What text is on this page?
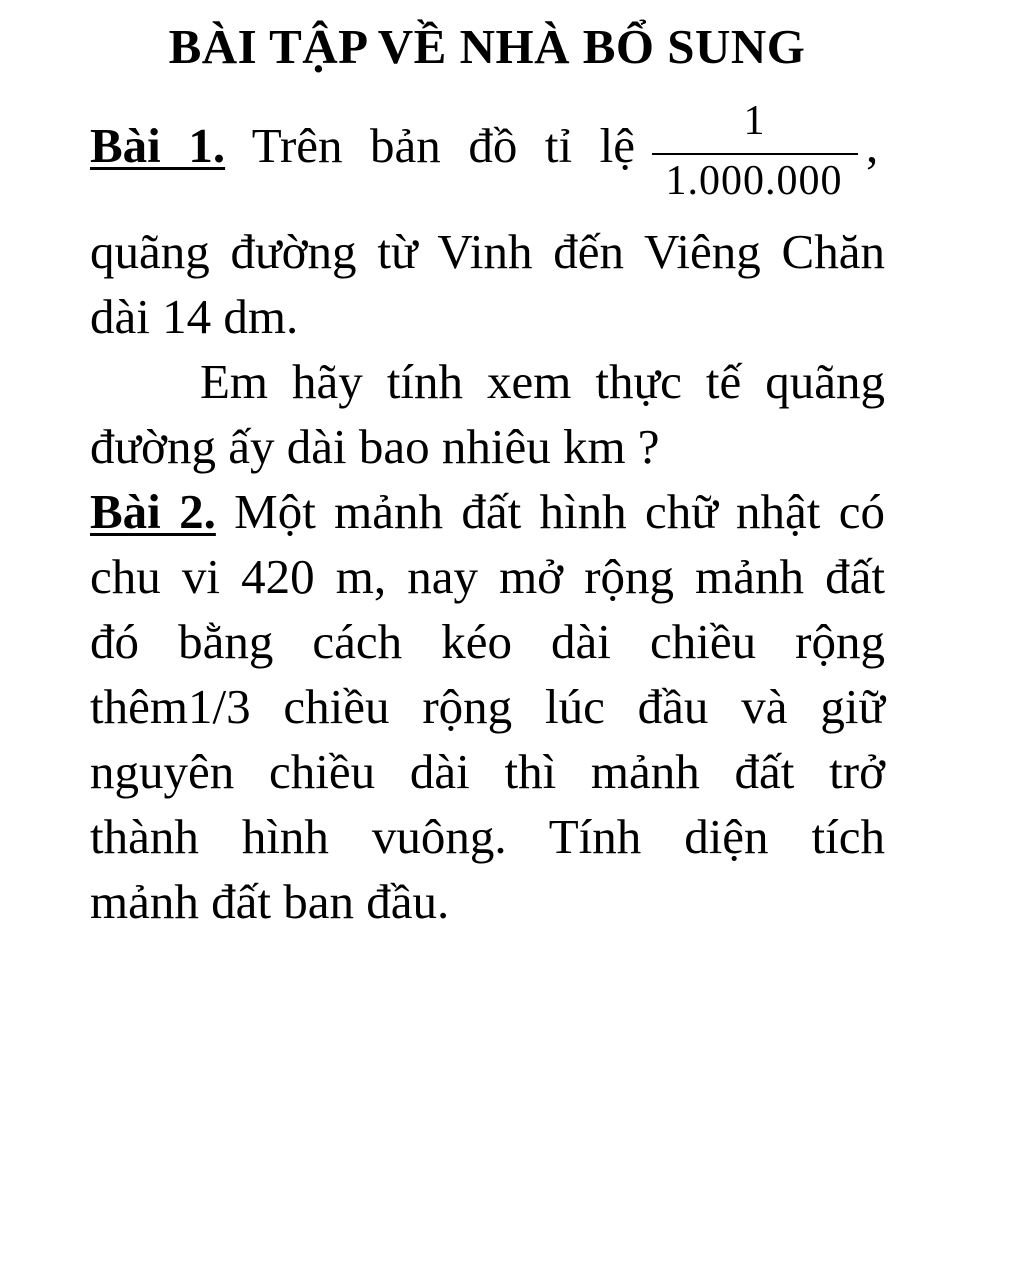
BÀI TẬP VỀ NHÀ BỔ SUNG
Bài 1. Trên bản đồ tỉ lệ	1
1.000.000
,
quãng đường từ Vinh đến Viêng Chăn
dài 14 dm.
Em hãy tính xem thực tế quãng
đường ấy dài bao nhiêu km ?
Bài 2. Một mảnh đất hình chữ nhật có
chu vi 420 m, nay mở rộng mảnh đất
đó bằng cách kéo dài chiều rộng
thêm1/3 chiều rộng lúc đầu và giữ
nguyên chiều dài thì mảnh đất trở
thành hình vuông. Tính diện tích
mảnh đất ban đầu.
